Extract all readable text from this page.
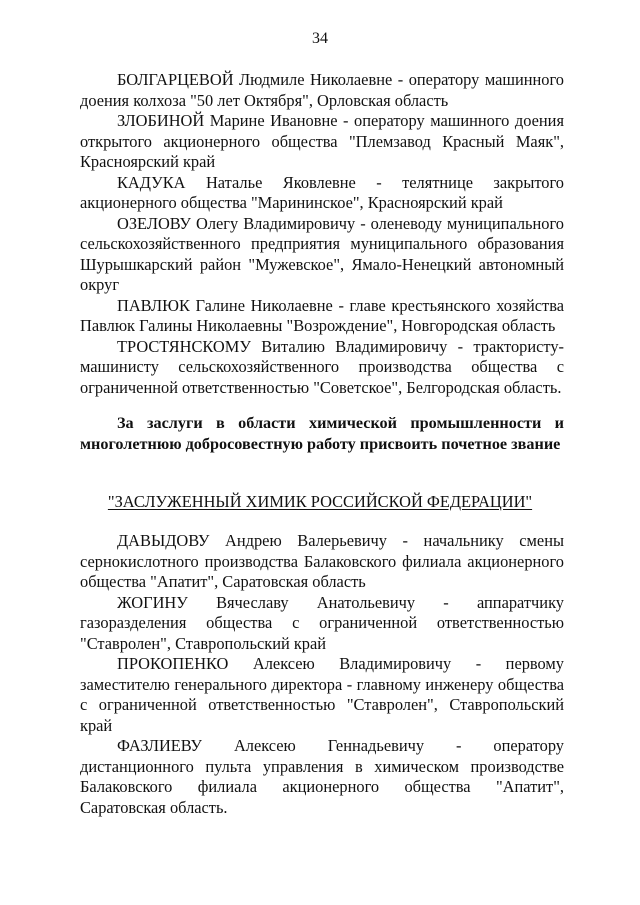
34

БОЛГАРЦЕВОЙ Людмиле Николаевне - оператору машинного доения колхоза "50 лет Октября", Орловская область

ЗЛОБИНОЙ Марине Ивановне - оператору машинного доения открытого акционерного общества "Племзавод Красный Маяк", Красноярский край

КАДУКА Наталье Яковлевне - телятнице закрытого акционерного общества "Марининское", Красноярский край

ОЗЕЛОВУ Олегу Владимировичу - оленеводу муниципального сельскохозяйственного предприятия муниципального образования Шурышкарский район "Мужевское", Ямало-Ненецкий автономный округ

ПАВЛЮК Галине Николаевне - главе крестьянского хозяйства Павлюк Галины Николаевны "Возрождение", Новгородская область

ТРОСТЯНСКОМУ Виталию Владимировичу - трактористу-машинисту сельскохозяйственного производства общества с ограниченной ответственностью "Советское", Белгородская область.

За заслуги в области химической промышленности и многолетнюю добросовестную работу присвоить почетное звание

"ЗАСЛУЖЕННЫЙ ХИМИК РОССИЙСКОЙ ФЕДЕРАЦИИ"

ДАВЫДОВУ Андрею Валерьевичу - начальнику смены сернокислотного производства Балаковского филиала акционерного общества "Апатит", Саратовская область

ЖОГИНУ Вячеславу Анатольевичу - аппаратчику газоразделения общества с ограниченной ответственностью "Ставролен", Ставропольский край

ПРОКОПЕНКО Алексею Владимировичу - первому заместителю генерального директора - главному инженеру общества с ограниченной ответственностью "Ставролен", Ставропольский край

ФАЗЛИЕВУ Алексею Геннадьевичу - оператору дистанционного пульта управления в химическом производстве Балаковского филиала акционерного общества "Апатит", Саратовская область.
